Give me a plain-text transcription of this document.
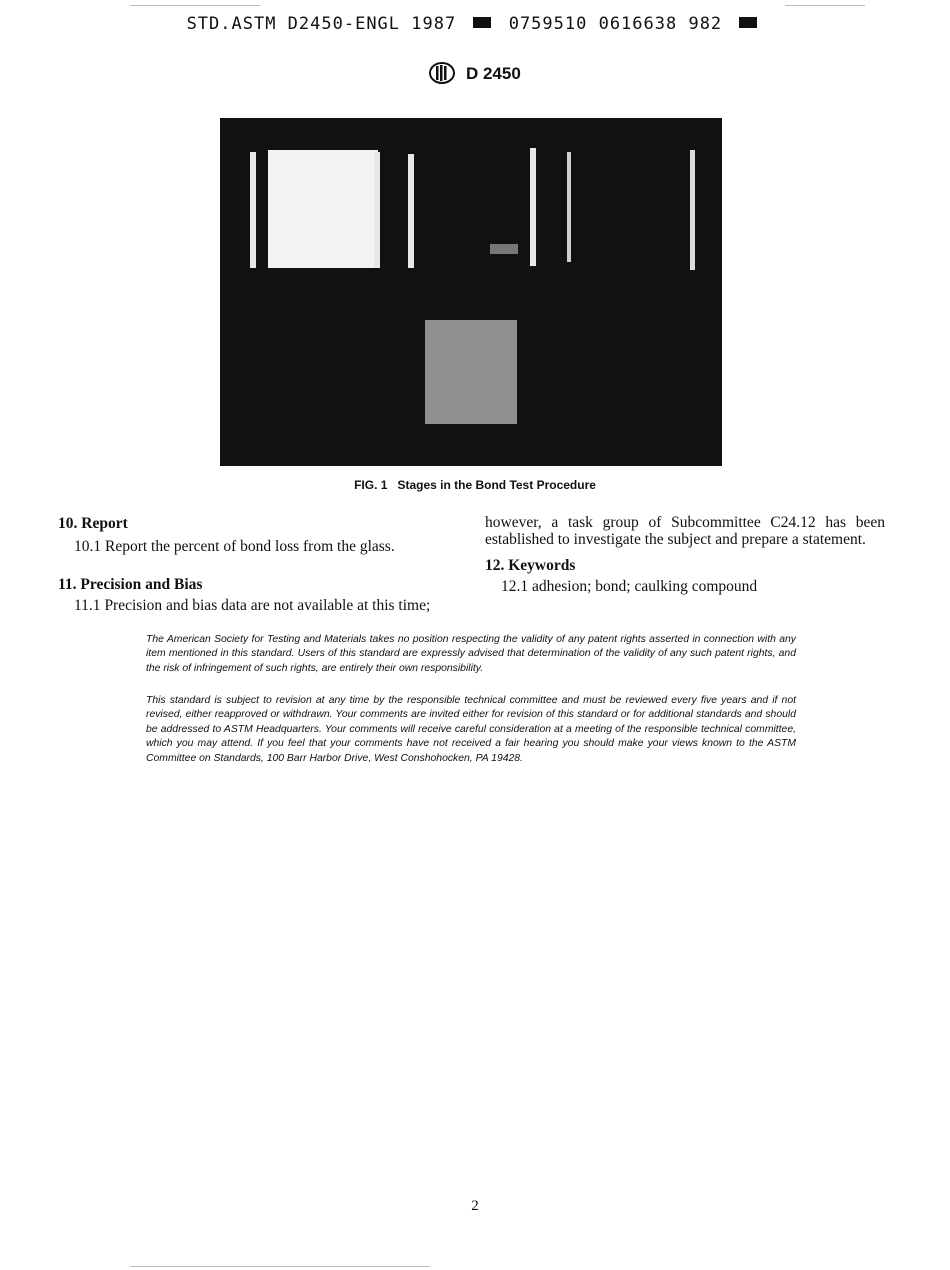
STD.ASTM D2450-ENGL 1987	0759510 0616638 982
D 2450
FIG. 1 Stages in the Bond Test Procedure
10. Report

10.1 Report the percent of bond loss from the glass.

11. Precision and Bias

11.1 Precision and bias data are not available at this time;

however, a task group of Subcommittee C24.12 has been established to investigate the subject and prepare a statement.

12. Keywords

12.1 adhesion; bond; caulking compound

The American Society for Testing and Materials takes no position respecting the validity of any patent rights asserted in connection with any item mentioned in this standard. Users of this standard are expressly advised that determination of the validity of any such patent rights, and the risk of infringement of such rights, are entirely their own responsibility.

This standard is subject to revision at any time by the responsible technical committee and must be reviewed every five years and if not revised, either reapproved or withdrawn. Your comments are invited either for revision of this standard or for additional standards and should be addressed to ASTM Headquarters. Your comments will receive careful consideration at a meeting of the responsible technical committee, which you may attend. If you feel that your comments have not received a fair hearing you should make your views known to the ASTM Committee on Standards, 100 Barr Harbor Drive, West Conshohocken, PA 19428.

2
